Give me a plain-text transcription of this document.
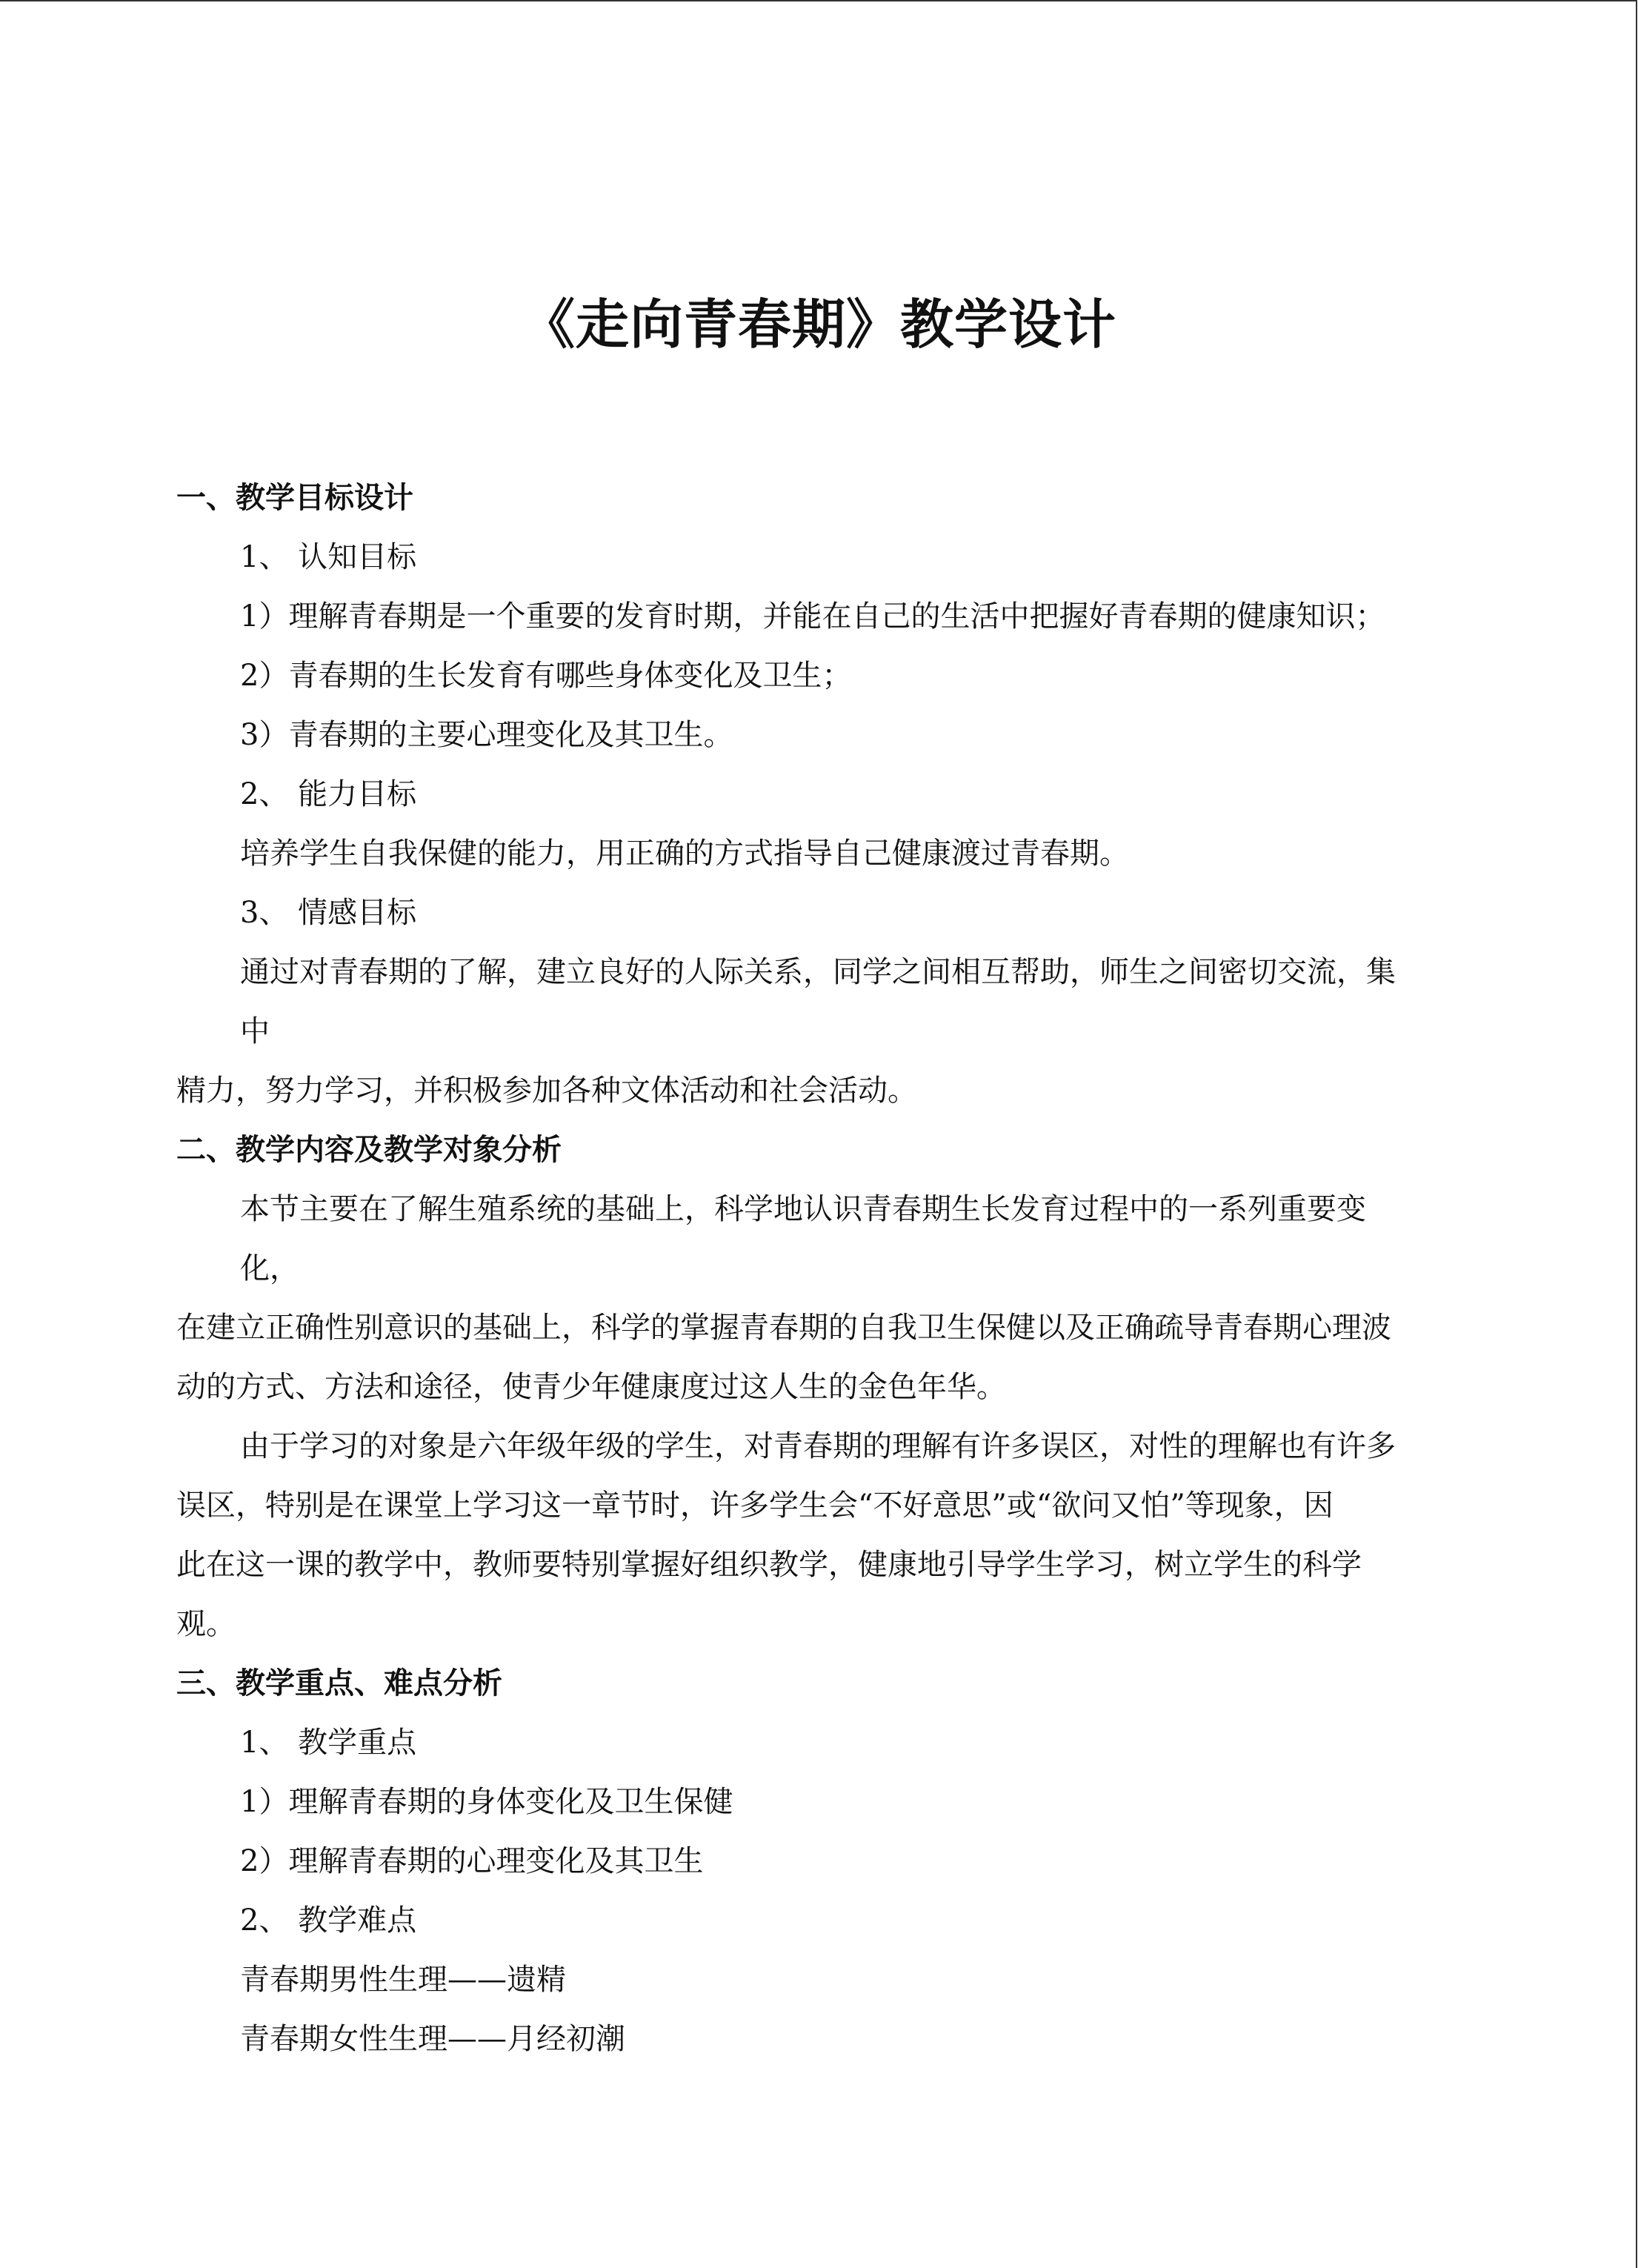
《走向青春期》教学设计
一、教学目标设计
1、 认知目标
1）理解青春期是一个重要的发育时期，并能在自己的生活中把握好青春期的健康知识；
2）青春期的生长发育有哪些身体变化及卫生；
3）青春期的主要心理变化及其卫生。
2、 能力目标
培养学生自我保健的能力，用正确的方式指导自己健康渡过青春期。
3、 情感目标
通过对青春期的了解，建立良好的人际关系，同学之间相互帮助，师生之间密切交流，集
中
精力，努力学习，并积极参加各种文体活动和社会活动。
二、教学内容及教学对象分析
本节主要在了解生殖系统的基础上，科学地认识青春期生长发育过程中的一系列重要变
化，
在建立正确性别意识的基础上，科学的掌握青春期的自我卫生保健以及正确疏导青春期心理波
动的方式、方法和途径，使青少年健康度过这人生的金色年华。
由于学习的对象是六年级年级的学生，对青春期的理解有许多误区，对性的理解也有许多
误区，特别是在课堂上学习这一章节时，许多学生会“不好意思”或“欲问又怕”等现象，因
此在这一课的教学中，教师要特别掌握好组织教学，健康地引导学生学习，树立学生的科学
观。
三、教学重点、难点分析
1、 教学重点
1）理解青春期的身体变化及卫生保健
2）理解青春期的心理变化及其卫生
2、 教学难点
青春期男性生理——遗精
青春期女性生理——月经初潮
